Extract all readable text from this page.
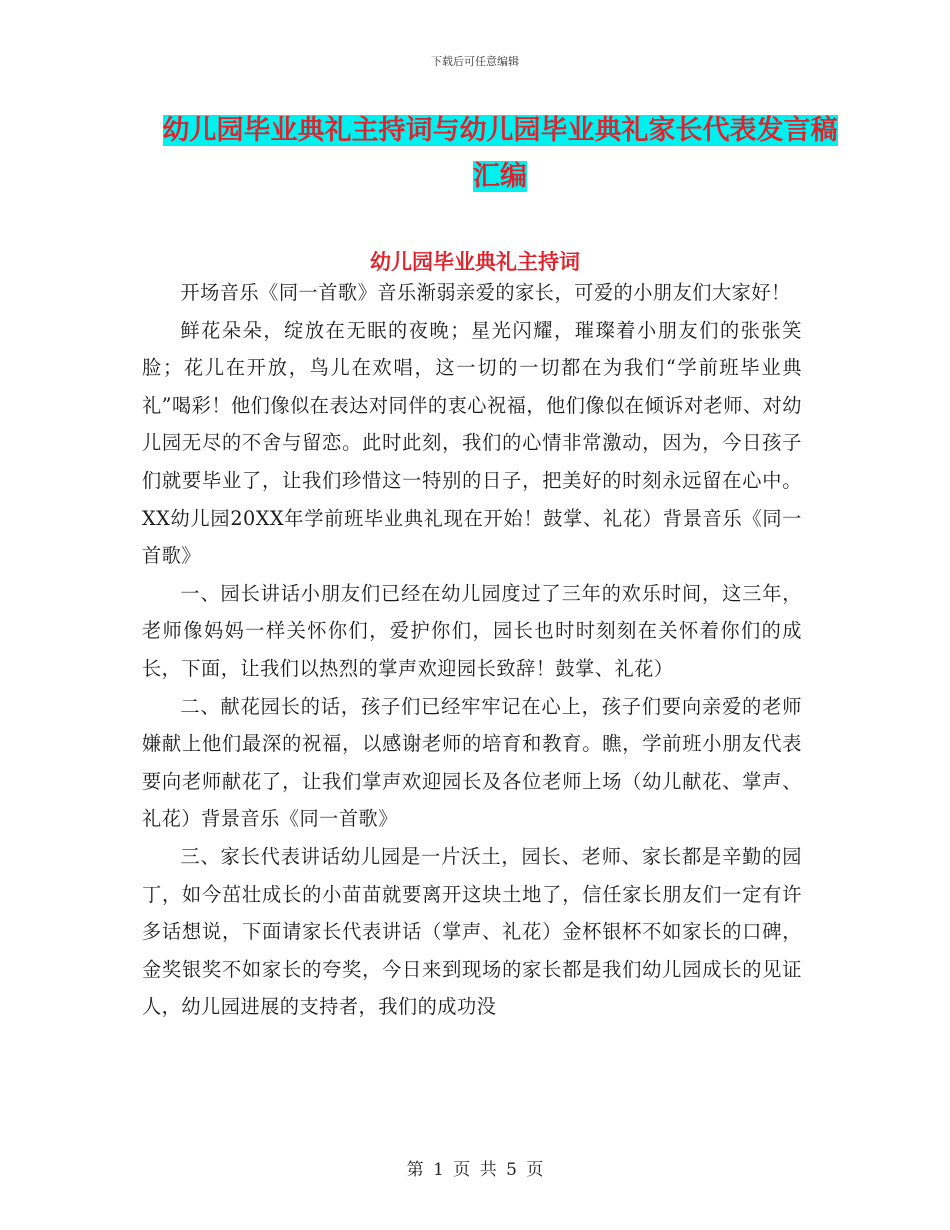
下载后可任意编辑
幼儿园毕业典礼主持词与幼儿园毕业典礼家长代表发言稿汇编
幼儿园毕业典礼主持词

开场音乐《同一首歌》音乐渐弱亲爱的家长，可爱的小朋友们大家好！

鲜花朵朵，绽放在无眠的夜晚；星光闪耀，璀璨着小朋友们的张张笑脸；花儿在开放，鸟儿在欢唱，这一切的一切都在为我们“学前班毕业典礼”喝彩！他们像似在表达对同伴的衷心祝福，他们像似在倾诉对老师、对幼儿园无尽的不舍与留恋。此时此刻，我们的心情非常激动，因为，今日孩子们就要毕业了，让我们珍惜这一特别的日子，把美好的时刻永远留在心中。XX幼儿园20XX年学前班毕业典礼现在开始！鼓掌、礼花）背景音乐《同一首歌》

一、园长讲话小朋友们已经在幼儿园度过了三年的欢乐时间，这三年，老师像妈妈一样关怀你们，爱护你们，园长也时时刻刻在关怀着你们的成长，下面，让我们以热烈的掌声欢迎园长致辞！鼓掌、礼花）

二、献花园长的话，孩子们已经牢牢记在心上，孩子们要向亲爱的老师嫌献上他们最深的祝福，以感谢老师的培育和教育。瞧，学前班小朋友代表要向老师献花了，让我们掌声欢迎园长及各位老师上场（幼儿献花、掌声、礼花）背景音乐《同一首歌》

三、家长代表讲话幼儿园是一片沃土，园长、老师、家长都是辛勤的园丁，如今茁壮成长的小苗苗就要离开这块土地了，信任家长朋友们一定有许多话想说，下面请家长代表讲话（掌声、礼花）金杯银杯不如家长的口碑，金奖银奖不如家长的夸奖，今日来到现场的家长都是我们幼儿园成长的见证人，幼儿园进展的支持者，我们的成功没

第 1 页 共 5 页
